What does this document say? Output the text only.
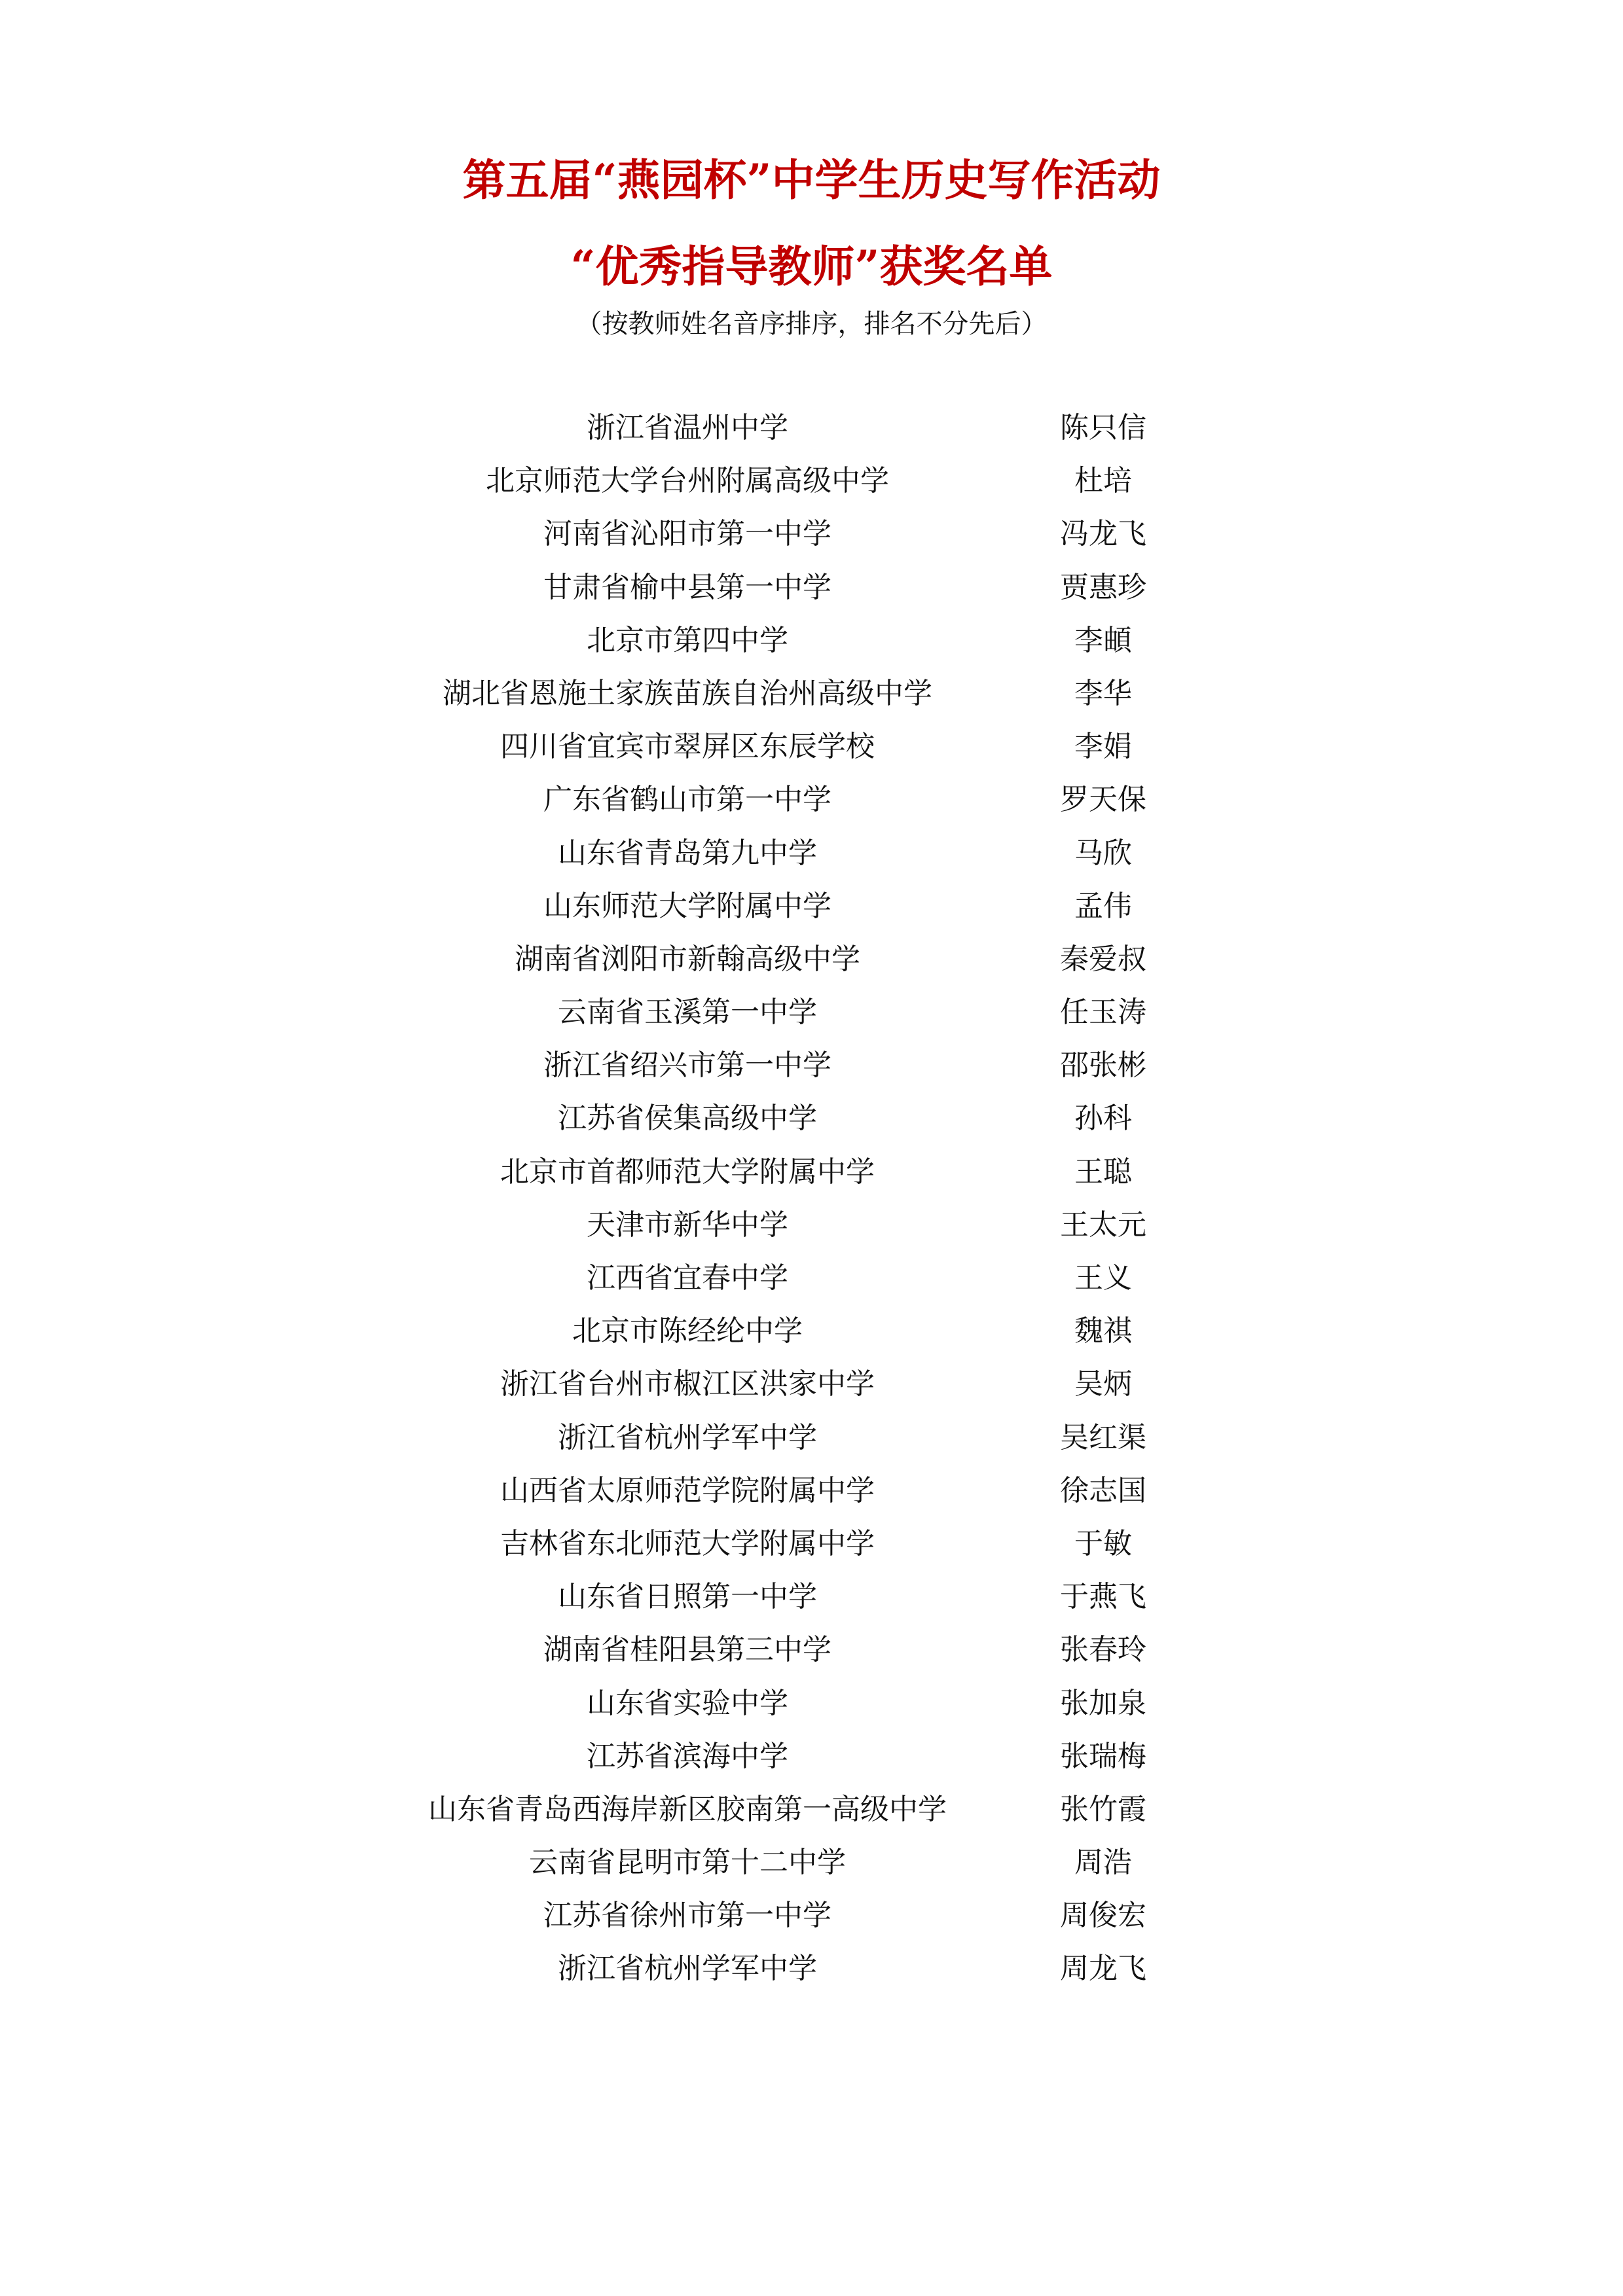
第五届“燕园杯”中学生历史写作活动
“优秀指导教师”获奖名单
（按教师姓名音序排序，排名不分先后）
浙江省温州中学	陈只信
北京师范大学台州附属高级中学	杜培
河南省沁阳市第一中学	冯龙飞
甘肃省榆中县第一中学	贾惠珍
北京市第四中学	李頔
湖北省恩施土家族苗族自治州高级中学	李华
四川省宜宾市翠屏区东辰学校	李娟
广东省鹤山市第一中学	罗天保
山东省青岛第九中学	马欣
山东师范大学附属中学	孟伟
湖南省浏阳市新翰高级中学	秦爱叔
云南省玉溪第一中学	任玉涛
浙江省绍兴市第一中学	邵张彬
江苏省侯集高级中学	孙科
北京市首都师范大学附属中学	王聪
天津市新华中学	王太元
江西省宜春中学	王义
北京市陈经纶中学	魏祺
浙江省台州市椒江区洪家中学	吴炳
浙江省杭州学军中学	吴红渠
山西省太原师范学院附属中学	徐志国
吉林省东北师范大学附属中学	于敏
山东省日照第一中学	于燕飞
湖南省桂阳县第三中学	张春玲
山东省实验中学	张加泉
江苏省滨海中学	张瑞梅
山东省青岛西海岸新区胶南第一高级中学	张竹霞
云南省昆明市第十二中学	周浩
江苏省徐州市第一中学	周俊宏
浙江省杭州学军中学	周龙飞
